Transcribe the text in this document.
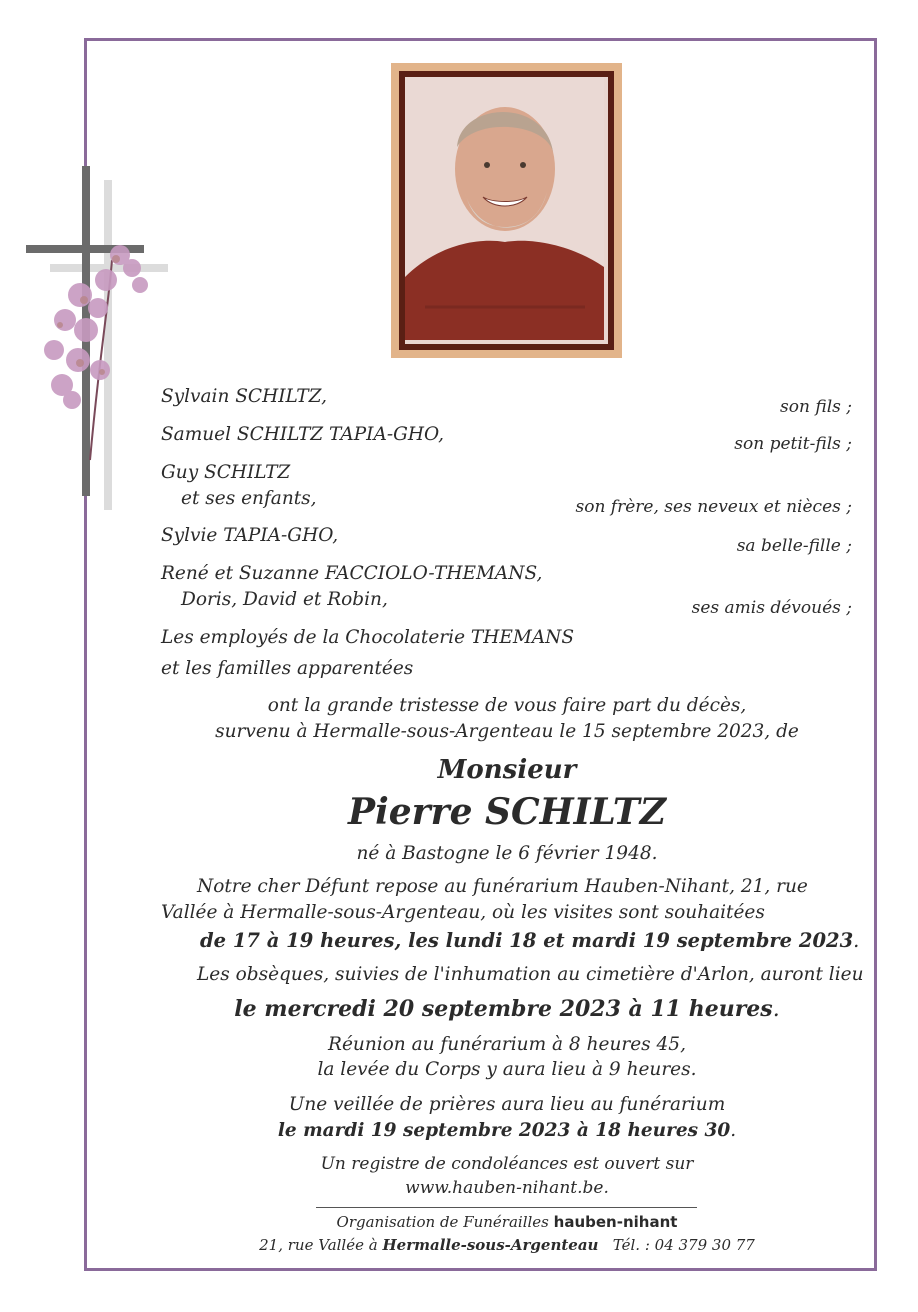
Sylvain SCHILTZ,	son fils ;
Samuel SCHILTZ TAPIA-GHO,	son petit-fils ;
Guy SCHILTZ
et ses enfants,	son frère, ses neveux et nièces ;
Sylvie TAPIA-GHO,	sa belle-fille ;
René et Suzanne FACCIOLO-THEMANS,
Doris, David et Robin,	ses amis dévoués ;
Les employés de la Chocolaterie THEMANS
et les familles apparentées
ont la grande tristesse de vous faire part du décès,
survenu à Hermalle-sous-Argenteau le 15 septembre 2023, de
Monsieur
Pierre SCHILTZ
né à Bastogne le 6 février 1948.
Notre cher Défunt repose au funérarium Hauben-Nihant, 21, rue
Vallée à Hermalle-sous-Argenteau, où les visites sont souhaitées
de 17 à 19 heures, les lundi 18 et mardi 19 septembre 2023.
Les obsèques, suivies de l'inhumation au cimetière d'Arlon, auront lieu
le mercredi 20 septembre 2023 à 11 heures.
Réunion au funérarium à 8 heures 45,
la levée du Corps y aura lieu à 9 heures.
Une veillée de prières aura lieu au funérarium
le mardi 19 septembre 2023 à 18 heures 30.
Un registre de condoléances est ouvert sur
www.hauben-nihant.be.
Organisation de Funérailles hauben-nihant
21, rue Vallée à Hermalle-sous-Argenteau Tél. : 04 379 30 77
